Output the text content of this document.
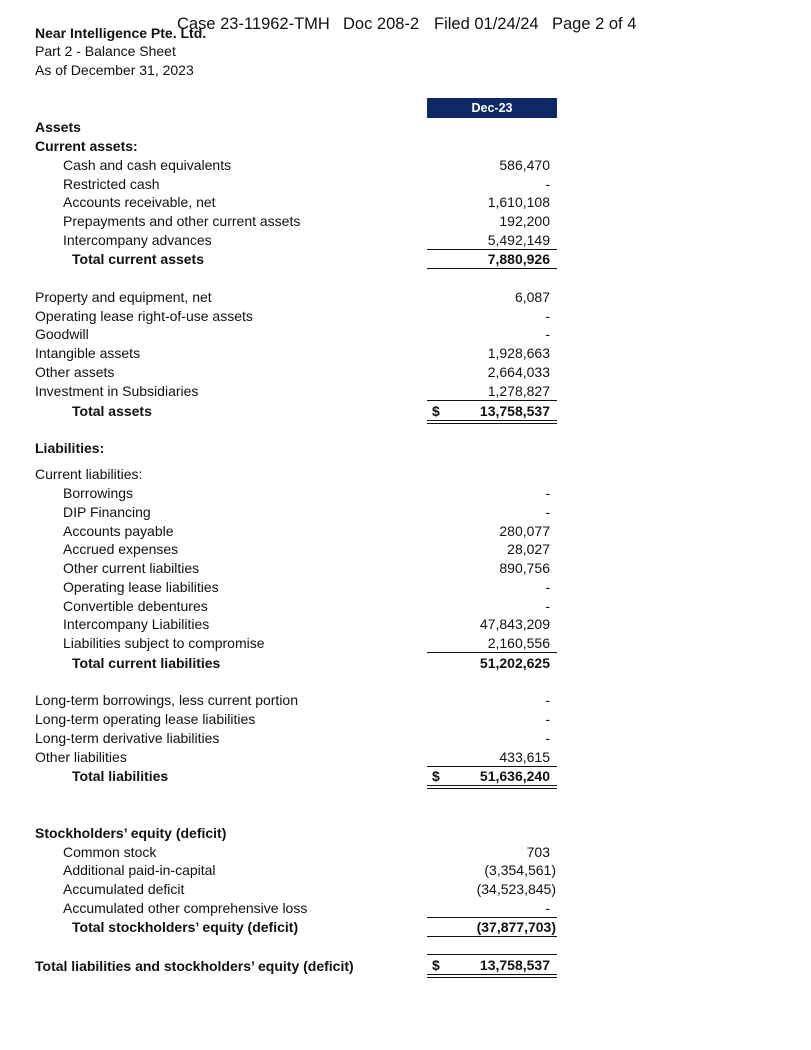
Case 23-11962-TMH Doc 208-2 Filed 01/24/24 Page 2 of 4
Near Intelligence Pte. Ltd.
Part 2 - Balance Sheet
As of December 31, 2023
Dec-23
Assets
Current assets:
Cash and cash equivalents	586,470
Restricted cash	-
Accounts receivable, net	1,610,108
Prepayments and other current assets	192,200
Intercompany advances	5,492,149
Total current assets	7,880,926
Property and equipment, net	6,087
Operating lease right-of-use assets	-
Goodwill	-
Intangible assets	1,928,663
Other assets	2,664,033
Investment in Subsidiaries	1,278,827
Total assets	$	13,758,537
Liabilities:
Current liabilities:
Borrowings	-
DIP Financing	-
Accounts payable	280,077
Accrued expenses	28,027
Other current liabilties	890,756
Operating lease liabilities	-
Convertible debentures	-
Intercompany Liabilities	47,843,209
Liabilities subject to compromise	2,160,556
Total current liabilities	51,202,625
Long-term borrowings, less current portion	-
Long-term operating lease liabilities	-
Long-term derivative liabilities	-
Other liabilities	433,615
Total liabilities	$	51,636,240
Stockholders’ equity (deficit)
Common stock	703
Additional paid-in-capital	(3,354,561)
Accumulated deficit	(34,523,845)
Accumulated other comprehensive loss	-
Total stockholders’ equity (deficit)	(37,877,703)
Total liabilities and stockholders’ equity (deficit)	$	13,758,537
